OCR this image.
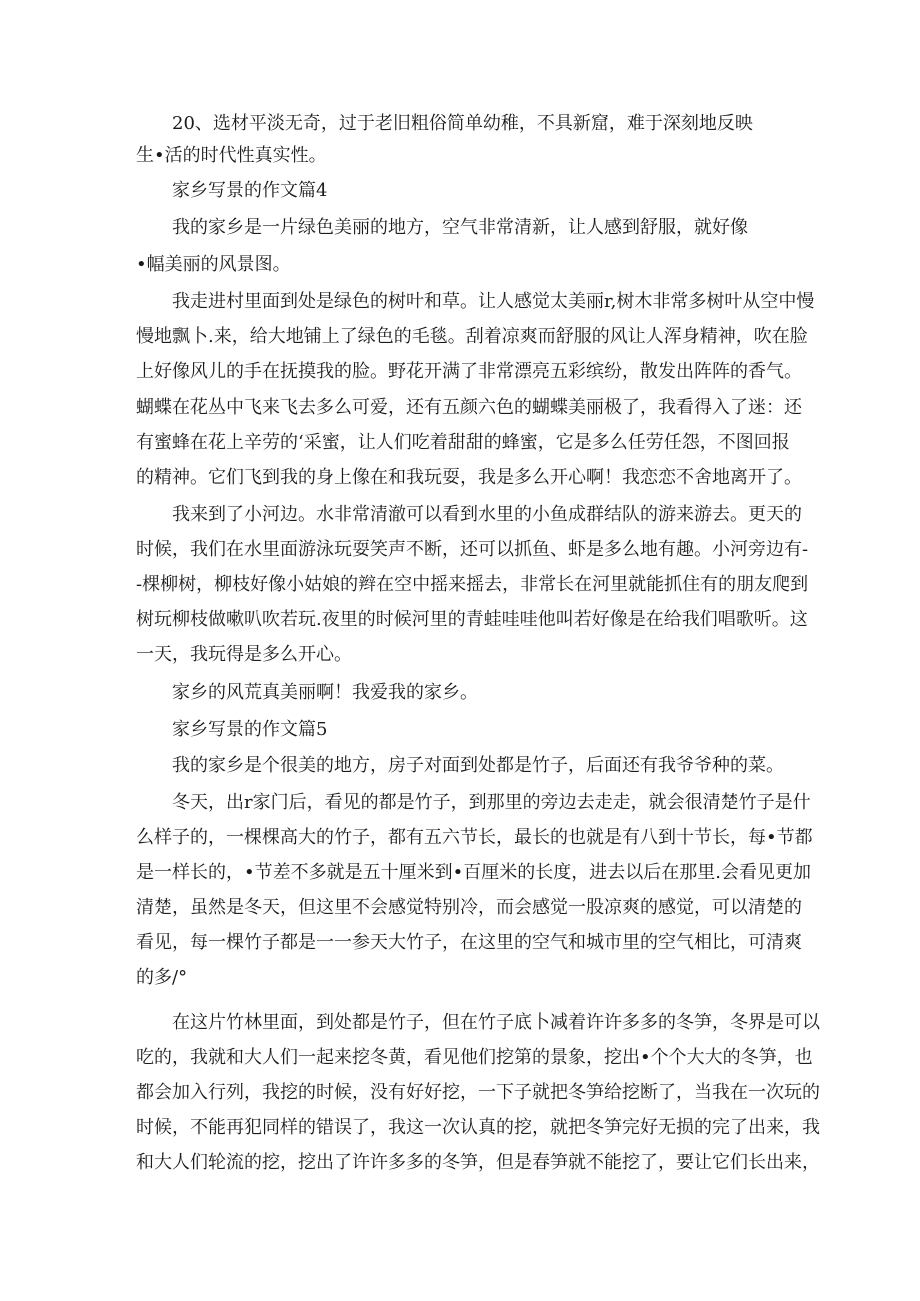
20、选材平淡无奇，过于老旧粗俗简单幼稚，不具新窟，难于深刻地反映
生•活的时代性真实性。
家乡写景的作文篇4
我的家乡是一片绿色美丽的地方，空气非常清新，让人感到舒服，就好像
•幅美丽的风景图。
我走进村里面到处是绿色的树叶和草。让人感觉太美丽r,树木非常多树叶从空中慢
慢地飘卜.来，给大地铺上了绿色的毛毯。刮着凉爽而舒服的风让人浑身精神，吹在脸
上好像风儿的手在抚摸我的脸。野花开满了非常漂亮五彩缤纷，散发出阵阵的香气。
蝴蝶在花丛中飞来飞去多么可爱，还有五颜六色的蝴蝶美丽极了，我看得入了迷：还
有蜜蜂在花上辛劳的‘采蜜，让人们吃着甜甜的蜂蜜，它是多么任劳任怨，不图回报
的精神。它们飞到我的身上像在和我玩耍，我是多么开心啊！我恋恋不舍地离开了。
我来到了小河边。水非常清澈可以看到水里的小鱼成群结队的游来游去。更天的
时候，我们在水里面游泳玩耍笑声不断，还可以抓鱼、虾是多么地有趣。小河旁边有-
-棵柳树，柳枝好像小姑娘的辫在空中摇来摇去，非常长在河里就能抓住有的朋友爬到
树玩柳枝做嗽叭吹若玩.夜里的时候河里的青蛙哇哇他叫若好像是在给我们唱歌听。这
一天，我玩得是多么开心。
家乡的风荒真美丽啊！我爱我的家乡。
家乡写景的作文篇5
我的家乡是个很美的地方，房子对面到处都是竹子，后面还有我爷爷种的菜。
冬天，出r家门后，看见的都是竹子，到那里的旁边去走走，就会很清楚竹子是什
么样子的，一棵棵高大的竹子，都有五六节长，最长的也就是有八到十节长，每•节都
是一样长的，•节差不多就是五十厘米到•百厘米的长度，进去以后在那里.会看见更加
清楚，虽然是冬天，但这里不会感觉特别冷，而会感觉一股凉爽的感觉，可以清楚的
看见，每一棵竹子都是一一参天大竹子，在这里的空气和城市里的空气相比，可清爽
的多/°
在这片竹林里面，到处都是竹子，但在竹子底卜减着许许多多的冬笋，冬界是可以
吃的，我就和大人们一起来挖冬黄，看见他们挖第的景象，挖出•个个大大的冬笋，也
都会加入行列，我挖的时候，没有好好挖，一下子就把冬笋给挖断了，当我在一次玩的
时候，不能再犯同样的错误了，我这一次认真的挖，就把冬笋完好无损的完了出来，我
和大人们轮流的挖，挖出了许许多多的冬笋，但是春笋就不能挖了，要让它们长出来，
